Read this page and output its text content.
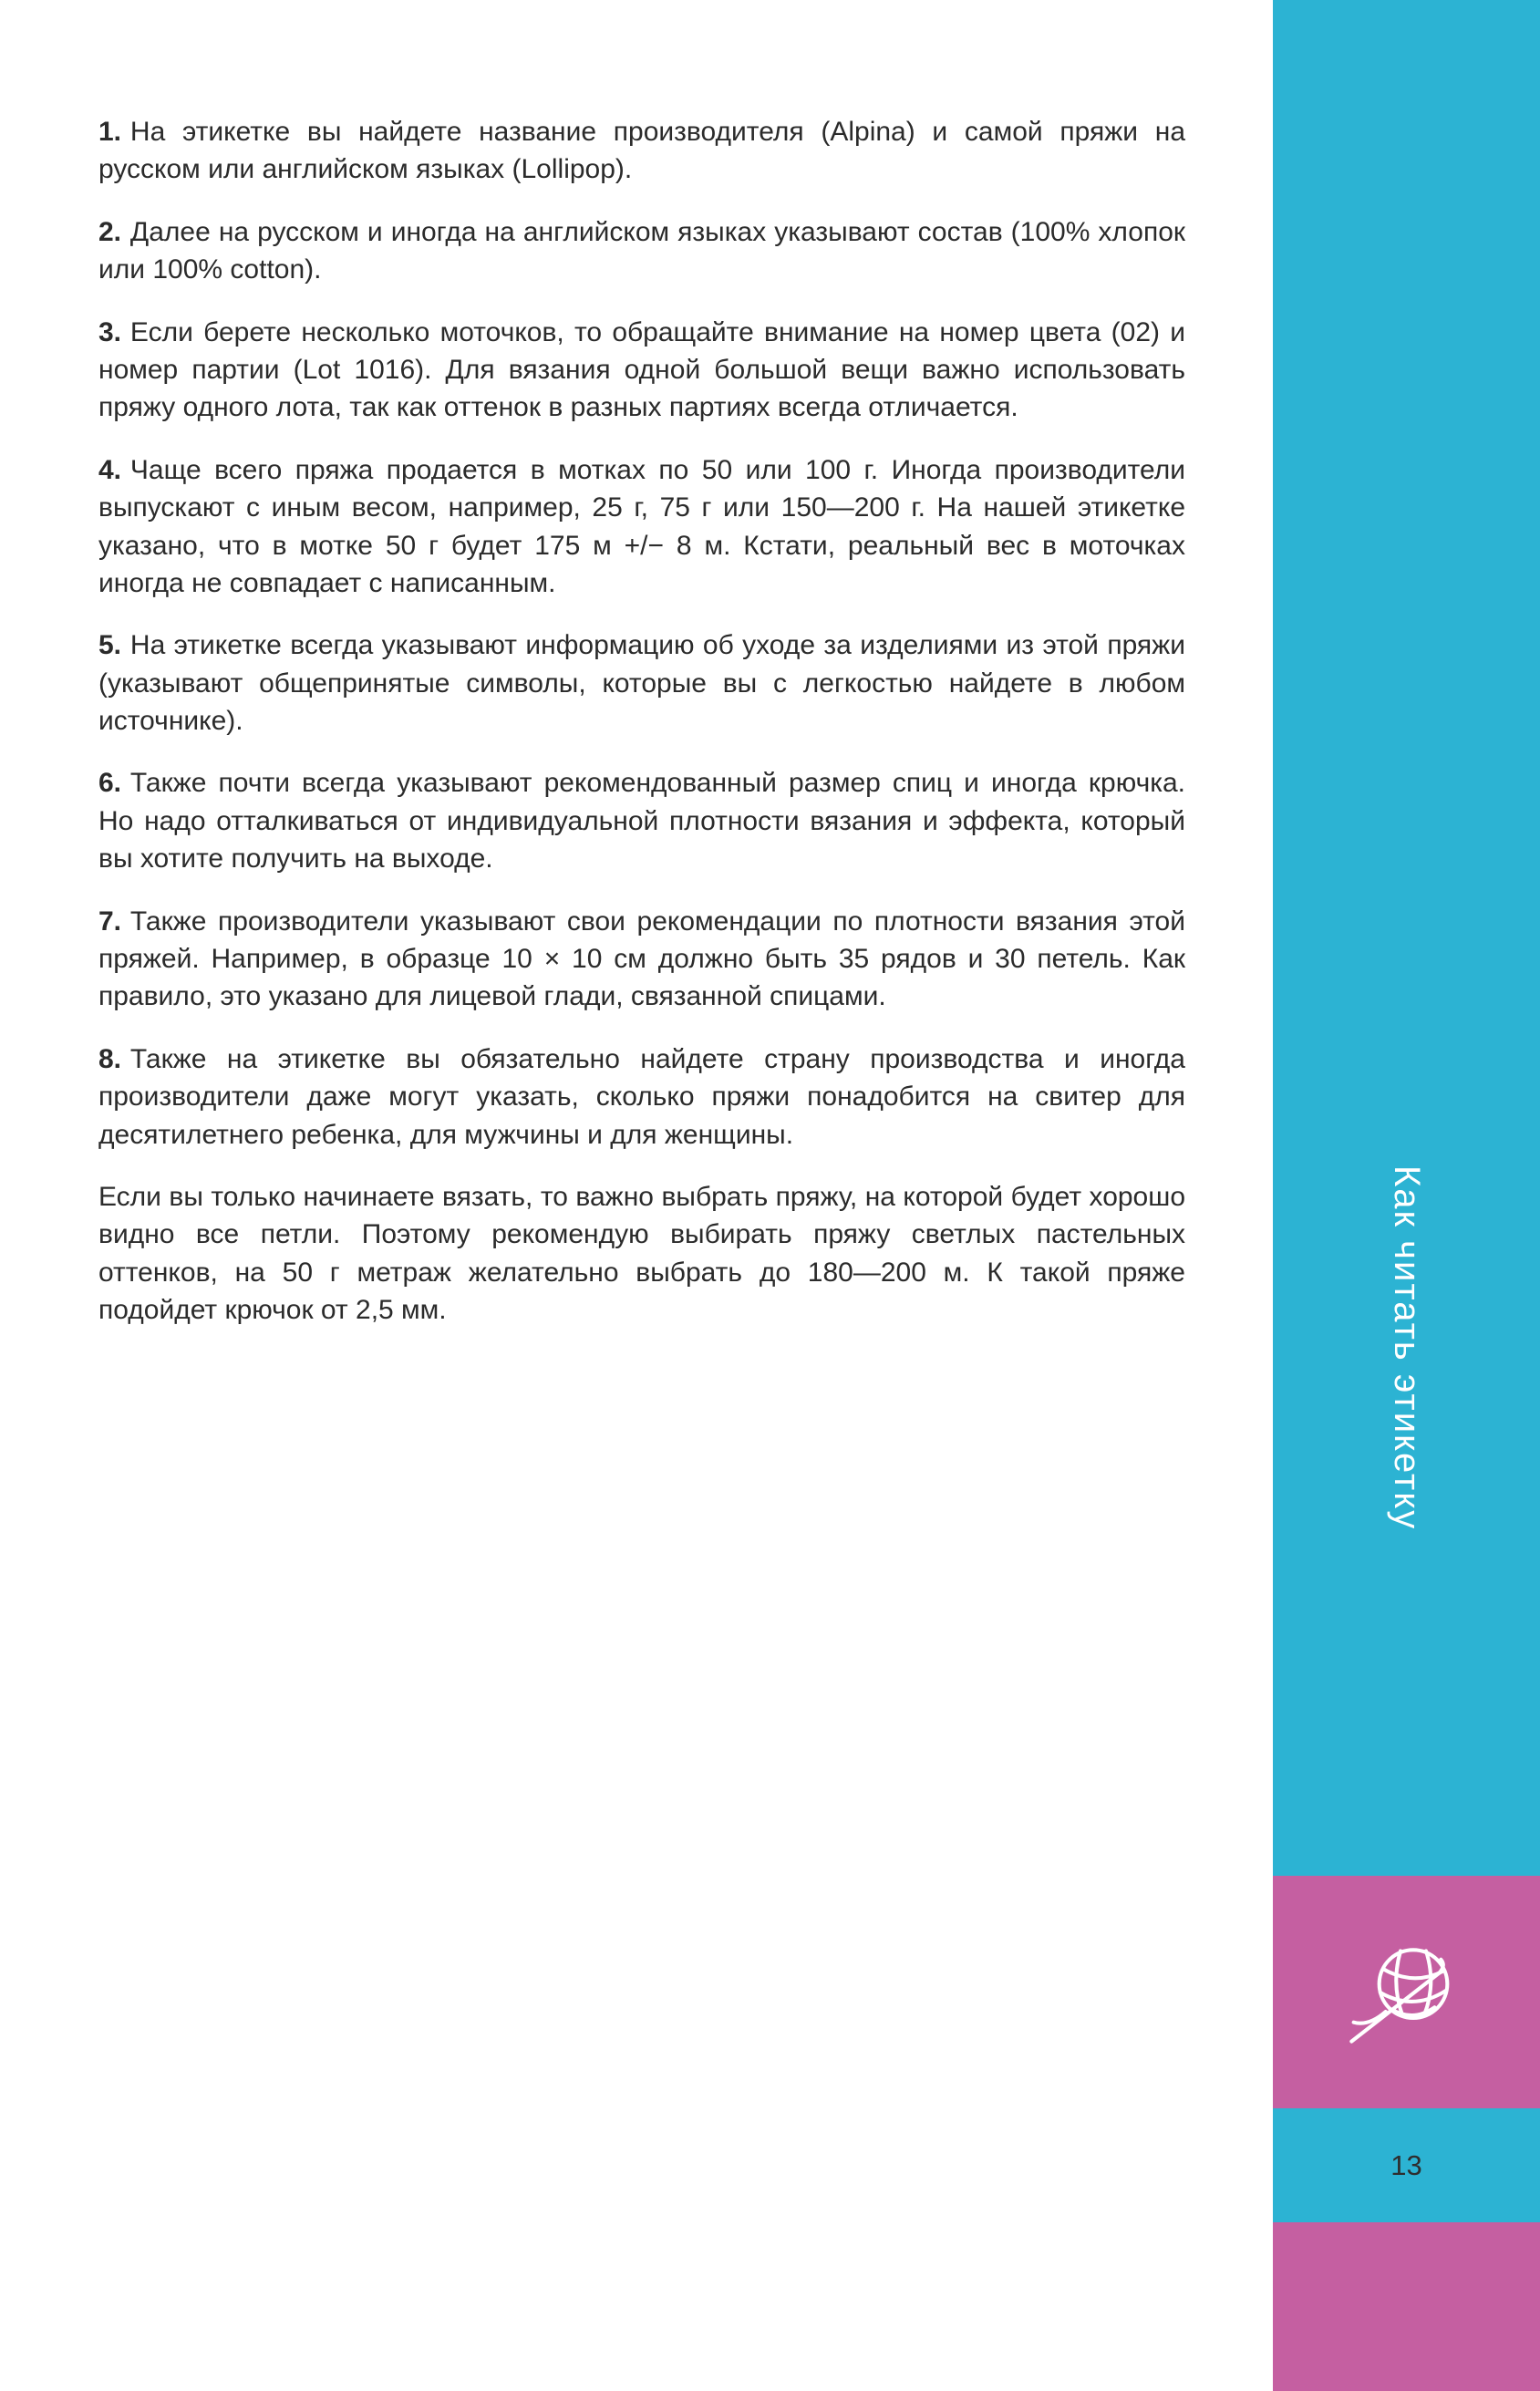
1. На этикетке вы найдете название производителя (Alpina) и самой пряжи на русском или английском языках (Lollipop).

2. Далее на русском и иногда на английском языках указывают состав (100% хлопок или 100% cotton).

3. Если берете несколько моточков, то обращайте внимание на номер цвета (02) и номер партии (Lot 1016). Для вязания одной большой вещи важно использовать пряжу одного лота, так как оттенок в разных партиях всегда отличается.

4. Чаще всего пряжа продается в мотках по 50 или 100 г. Иногда производители выпускают с иным весом, например, 25 г, 75 г или 150—200 г. На нашей этикетке указано, что в мотке 50 г будет 175 м +/− 8 м. Кстати, реальный вес в моточках иногда не совпадает с написанным.

5. На этикетке всегда указывают информацию об уходе за изделиями из этой пряжи (указывают общепринятые символы, которые вы с легкостью найдете в любом источнике).

6. Также почти всегда указывают рекомендованный размер спиц и иногда крючка. Но надо отталкиваться от индивидуальной плотности вязания и эффекта, который вы хотите получить на выходе.

7. Также производители указывают свои рекомендации по плотности вязания этой пряжей. Например, в образце 10 × 10 см должно быть 35 рядов и 30 петель. Как правило, это указано для лицевой глади, связанной спицами.

8. Также на этикетке вы обязательно найдете страну производства и иногда производители даже могут указать, сколько пряжи понадобится на свитер для десятилетнего ребенка, для мужчины и для женщины.

Если вы только начинаете вязать, то важно выбрать пряжу, на которой будет хорошо видно все петли. Поэтому рекомендую выбирать пряжу светлых пастельных оттенков, на 50 г метраж желательно выбрать до 180—200 м. К такой пряже подойдет крючок от 2,5 мм.	Как читать этикетку
13
